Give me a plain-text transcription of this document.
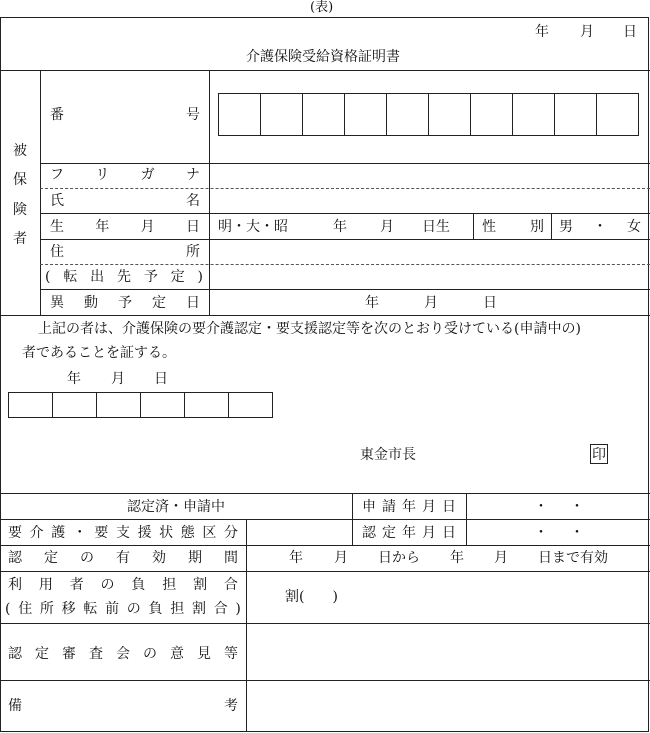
(表)
年 月 日
介護保険受給資格証明書
被
保
険
者
番	号
フ リ ガ ナ
氏	名
生 年 月 日 明・大・昭	年 月 日生 性 別 男 ・ 女
住	所
( 転 出 先 予 定 )
異 動 予 定 日	年	月	日
上記の者は、介護保険の要介護認定・要支援認定等を次のとおり受けている(申請中の)
者であることを証する。
年 月 日
東金市長	印
認定済・申請中	申 請 年 月 日	・ ・
要 介 護 ・ 要 支 援 状 態 区 分	認 定 年 月 日	・ ・
認 定 の 有 効 期 間	年 月 日から 年 月 日まで有効
利 用 者 の 負 担 割 合
( 住 所 移 転 前 の 負 担 割 合 )
割(　　)
認 定 審 査 会 の 意 見 等
備	考
